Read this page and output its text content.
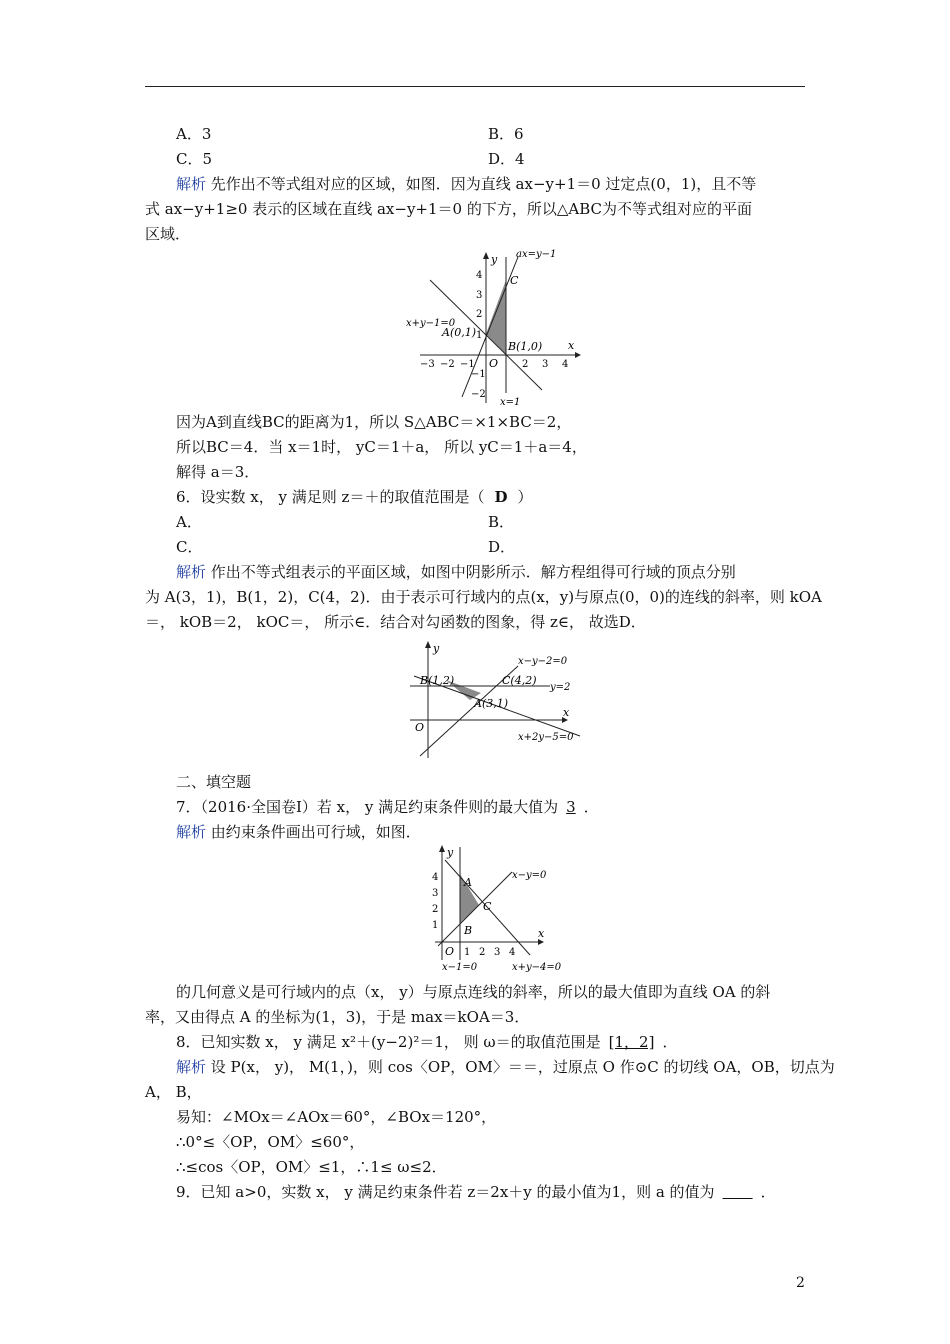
A．3	B．6
C．5	D．4
解析 先作出不等式组对应的区域，如图．因为直线 ax−y+1＝0 过定点(0，1)，且不等
式 ax−y+1≥0 表示的区域在直线 ax−y+1＝0 的下方，所以△ABC为不等式组对应的平面
区域．
ax=y−1
x+y−1=0
A(0,1)
B(1,0)
C
x=1
x
y
O
−3 −2 −1	2 3 4
4
3
2
1
−1
−2
因为A到直线BC的距离为1，所以 S△ABC＝×1×BC＝2，
所以BC＝4．当 x＝1时， yC＝1＋a， 所以 yC＝1＋a＝4，
解得 a＝3．
6．设实数 x， y 满足则 z＝＋的取值范围是（ D ）
A．	B．
C．	D．
解析 作出不等式组表示的平面区域，如图中阴影所示．解方程组得可行域的顶点分别
为 A(3，1)，B(1，2)，C(4，2)．由于表示可行域内的点(x，y)与原点(0，0)的连线的斜率，则 kOA
＝， kOB＝2， kOC＝， 所示∈．结合对勾函数的图象，得 z∈， 故选D．
x−y−2=0
y=2
x+2y−5=0
B(1,2)	C(4,2)
A(3,1)
x
y
O
二、填空题
7．（2016·全国卷Ⅰ）若 x， y 满足约束条件则的最大值为 3 ．
解析 由约束条件画出可行域，如图．
x−y=0
x−1=0	x+y−4=0
A
B
C
x
y
O 1 2 3 4
4
3
2
1
的几何意义是可行域内的点（x， y）与原点连线的斜率，所以的最大值即为直线 OA 的斜
率，又由得点 A 的坐标为(1，3)，于是 max＝kOA＝3．
8．已知实数 x， y 满足 x²＋(y−2)²＝1， 则 ω＝的取值范围是 [1，2] ．
解析 设 P(x， y)， M(1，)，则 cos〈OP，OM〉＝＝，过原点 O 作⊙C 的切线 OA，OB，切点为
A， B，
易知：∠MOx＝∠AOx＝60°，∠BOx＝120°，
∴0°≤〈OP，OM〉≤60°，
∴≤cos〈OP，OM〉≤1，∴1≤ ω≤2．
9．已知 a>0，实数 x， y 满足约束条件若 z＝2x＋y 的最小值为1，则 a 的值为　　	．
2
